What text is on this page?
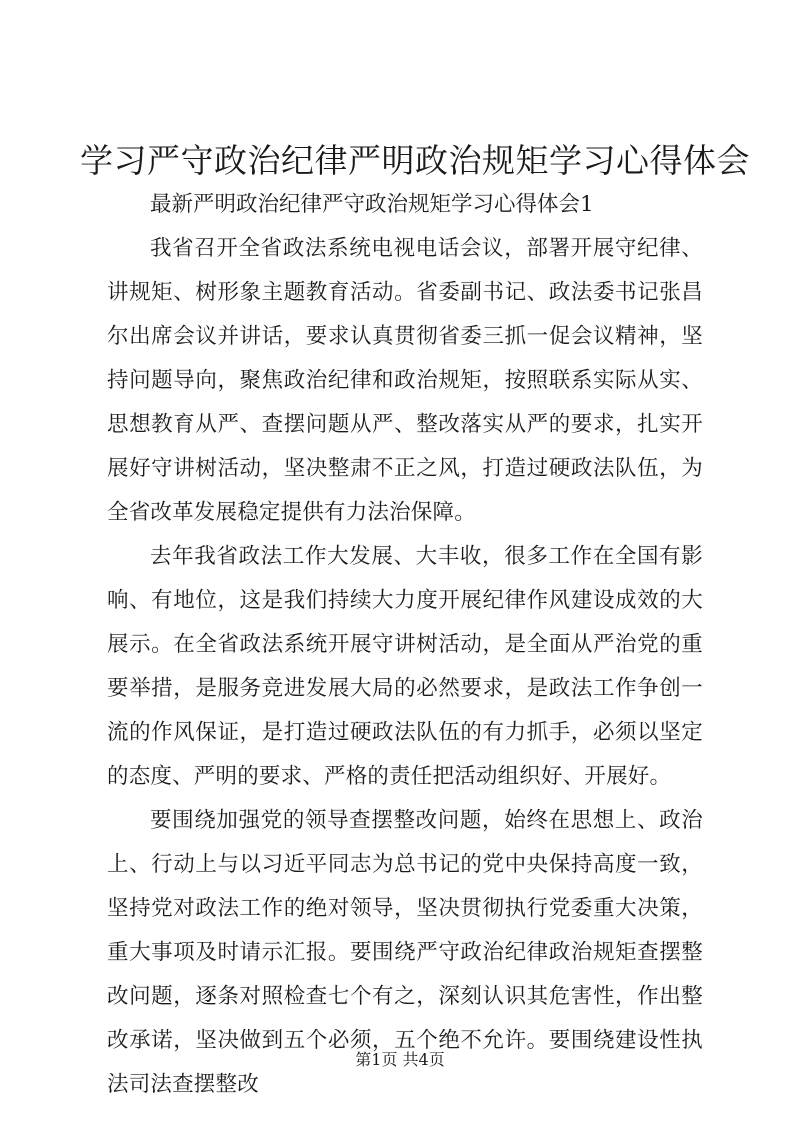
学习严守政治纪律严明政治规矩学习心得体会

最新严明政治纪律严守政治规矩学习心得体会1

我省召开全省政法系统电视电话会议，部署开展守纪律、讲规矩、树形象主题教育活动。省委副书记、政法委书记张昌尔出席会议并讲话，要求认真贯彻省委三抓一促会议精神，坚持问题导向，聚焦政治纪律和政治规矩，按照联系实际从实、思想教育从严、查摆问题从严、整改落实从严的要求，扎实开展好守讲树活动，坚决整肃不正之风，打造过硬政法队伍，为全省改革发展稳定提供有力法治保障。

去年我省政法工作大发展、大丰收，很多工作在全国有影响、有地位，这是我们持续大力度开展纪律作风建设成效的大展示。在全省政法系统开展守讲树活动，是全面从严治党的重要举措，是服务竞进发展大局的必然要求，是政法工作争创一流的作风保证，是打造过硬政法队伍的有力抓手，必须以坚定的态度、严明的要求、严格的责任把活动组织好、开展好。

要围绕加强党的领导查摆整改问题，始终在思想上、政治上、行动上与以习近平同志为总书记的党中央保持高度一致，坚持党对政法工作的绝对领导，坚决贯彻执行党委重大决策，重大事项及时请示汇报。要围绕严守政治纪律政治规矩查摆整改问题，逐条对照检查七个有之，深刻认识其危害性，作出整改承诺，坚决做到五个必须，五个绝不允许。要围绕建设性执法司法查摆整改

第1页 共4页
